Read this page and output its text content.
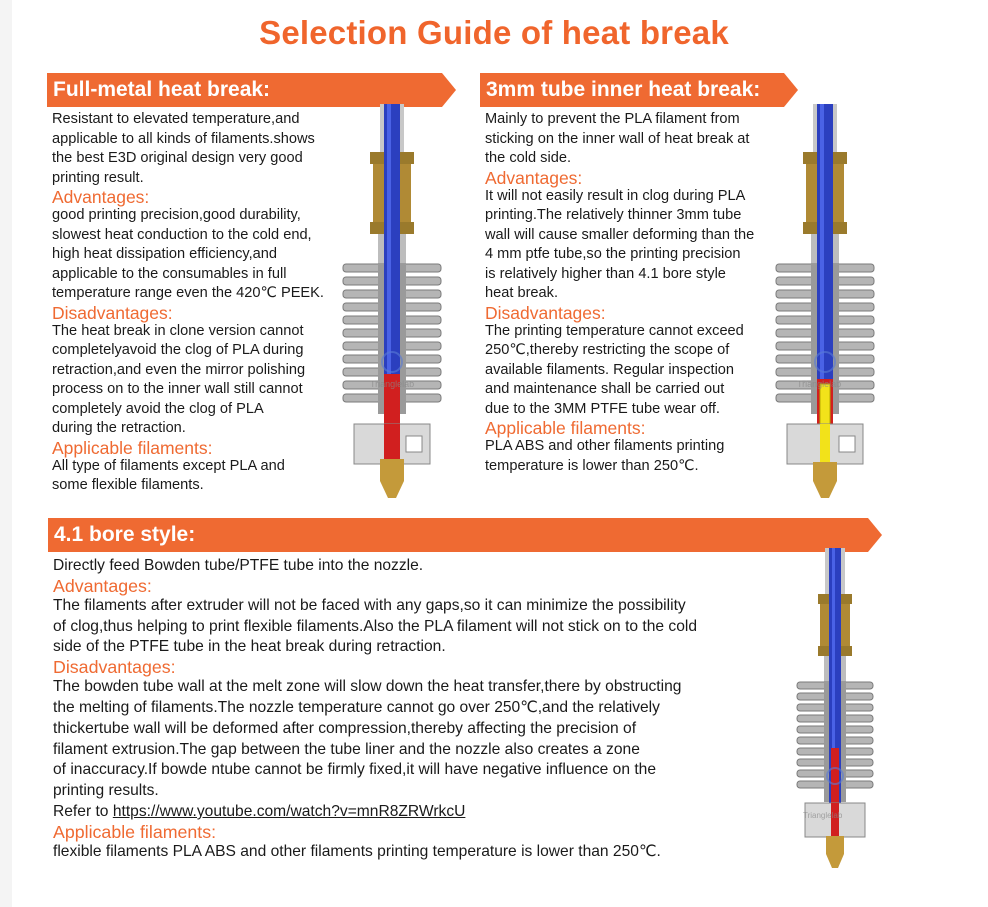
Selection Guide of heat break
Full-metal heat break:

Resistant to elevated temperature,and

applicable to all kinds of filaments.shows

the best E3D original design very good

printing result.

Advantages:

good printing precision,good durability,

slowest heat conduction to the cold end,

high heat dissipation efficiency,and

applicable to the consumables in full

temperature range even the 420℃ PEEK.

Disadvantages:

The heat break in clone version cannot

completelyavoid the clog of PLA during

retraction,and even the mirror polishing

process on to the inner wall still cannot

completely avoid the clog of PLA

during the retraction.

Applicable filaments:

All type of filaments except PLA and

some flexible filaments.

3mm tube inner heat break:

Mainly to prevent the PLA filament from

sticking on the inner wall of heat break at

the cold side.

Advantages:

It will not easily result in clog during PLA

printing.The relatively thinner 3mm tube

wall will cause smaller deforming than the

4 mm ptfe tube,so the printing precision

is relatively higher than 4.1 bore style

heat break.

Disadvantages:

The printing temperature cannot exceed

250℃,thereby restricting the scope of

available filaments. Regular inspection

and maintenance shall be carried out

due to the 3MM PTFE tube wear off.

Applicable filaments:

PLA ABS and other filaments printing

temperature is lower than 250℃.

4.1 bore style:

Directly feed Bowden tube/PTFE tube into the nozzle.

Advantages:

The filaments after extruder will not be faced with any gaps,so it can minimize the possibility

of clog,thus helping to print flexible filaments.Also the PLA filament will not stick on to the cold

side of the PTFE tube in the heat break during retraction.

Disadvantages:

The bowden tube wall at the melt zone will slow down the heat transfer,there by obstructing

the melting of filaments.The nozzle temperature cannot go over 250℃,and the relatively

thickertube wall will be deformed after compression,thereby affecting the precision of

filament extrusion.The gap between the tube liner and the nozzle also creates a zone

of inaccuracy.If bowde ntube cannot be firmly fixed,it will have negative influence on the

printing results.

Refer to https://www.youtube.com/watch?v=mnR8ZRWrkcU

Applicable filaments:

flexible filaments PLA ABS and other filaments printing temperature is lower than 250℃.

Trianglelab	Trianglelab
Trianglelab
